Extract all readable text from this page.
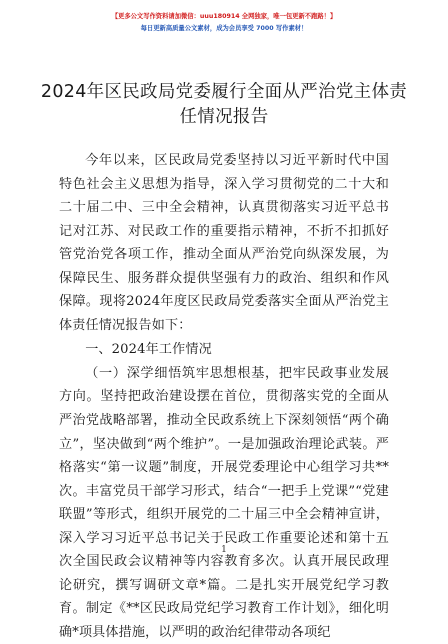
【更多公文写作资料请加微信：uuu180914 全网独家，唯一包更新不跑路！】
每日更新高质量公文素材，成为会员享受 7000 写作素材！
2024年区民政局党委履行全面从严治党主体责任情况报告

今年以来，区民政局党委坚持以习近平新时代中国特色社会主义思想为指导，深入学习贯彻党的二十大和二十届二中、三中全会精神，认真贯彻落实习近平总书记对江苏、对民政工作的重要指示精神，不折不扣抓好管党治党各项工作，推动全面从严治党向纵深发展，为保障民生、服务群众提供坚强有力的政治、组织和作风保障。现将2024年度区民政局党委落实全面从严治党主体责任情况报告如下：

一、2024年工作情况

（一）深学细悟筑牢思想根基，把牢民政事业发展方向。坚持把政治建设摆在首位，贯彻落实党的全面从严治党战略部署，推动全民政系统上下深刻领悟“两个确立”，坚决做到“两个维护”。一是加强政治理论武装。严格落实“第一议题”制度，开展党委理论中心组学习共**次。丰富党员干部学习形式，结合“一把手上党课”“党建联盟”等形式，组织开展党的二十届三中全会精神宣讲，深入学习习近平总书记关于民政工作重要论述和第十五次全国民政会议精神等内容教育多次。认真开展民政理论研究，撰写调研文章*篇。二是扎实开展党纪学习教育。制定《**区民政局党纪学习教育工作计划》，细化明确*项具体措施，以严明的政治纪律带动各项纪

1
